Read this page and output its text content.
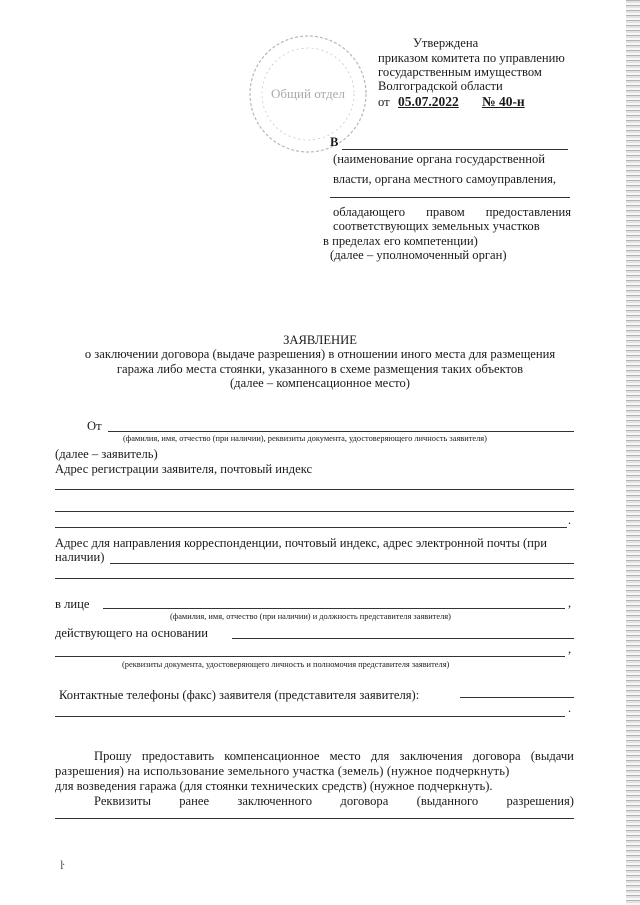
Общий отдел
Утверждена
приказом комитета по управлению
государственным имуществом
Волгоградской области
от 05.07.2022 № 40-н
В
(наименование органа государственной
власти, органа местного самоуправления,
обладающего правом предоставления
соответствующих земельных участков
в пределах его компетенции)
(далее – уполномоченный орган)
ЗАЯВЛЕНИЕ
о заключении договора (выдаче разрешения) в отношении иного места для размещения
гаража либо места стоянки, указанного в схеме размещения таких объектов
(далее – компенсационное место)
От
(фамилия, имя, отчество (при наличии), реквизиты документа, удостоверяющего личность заявителя)
(далее – заявитель)
Адрес регистрации заявителя, почтовый индекс
.
Адрес для направления корреспонденции, почтовый индекс, адрес электронной почты (при
наличии)
в лице	,
(фамилия, имя, отчество (при наличии) и должность представителя заявителя)
действующего на основании
,
(реквизиты документа, удостоверяющего личность и полномочия представителя заявителя)
Контактные телефоны (факс) заявителя (представителя заявителя):
.
Прошу предоставить компенсационное место для заключения договора (выдачи
разрешения) на использование земельного участка (земель) (нужное подчеркнуть)
для возведения гаража (для стоянки технических средств) (нужное подчеркнуть).
Реквизиты ранее заключенного договора (выданного разрешения)
ŀ
